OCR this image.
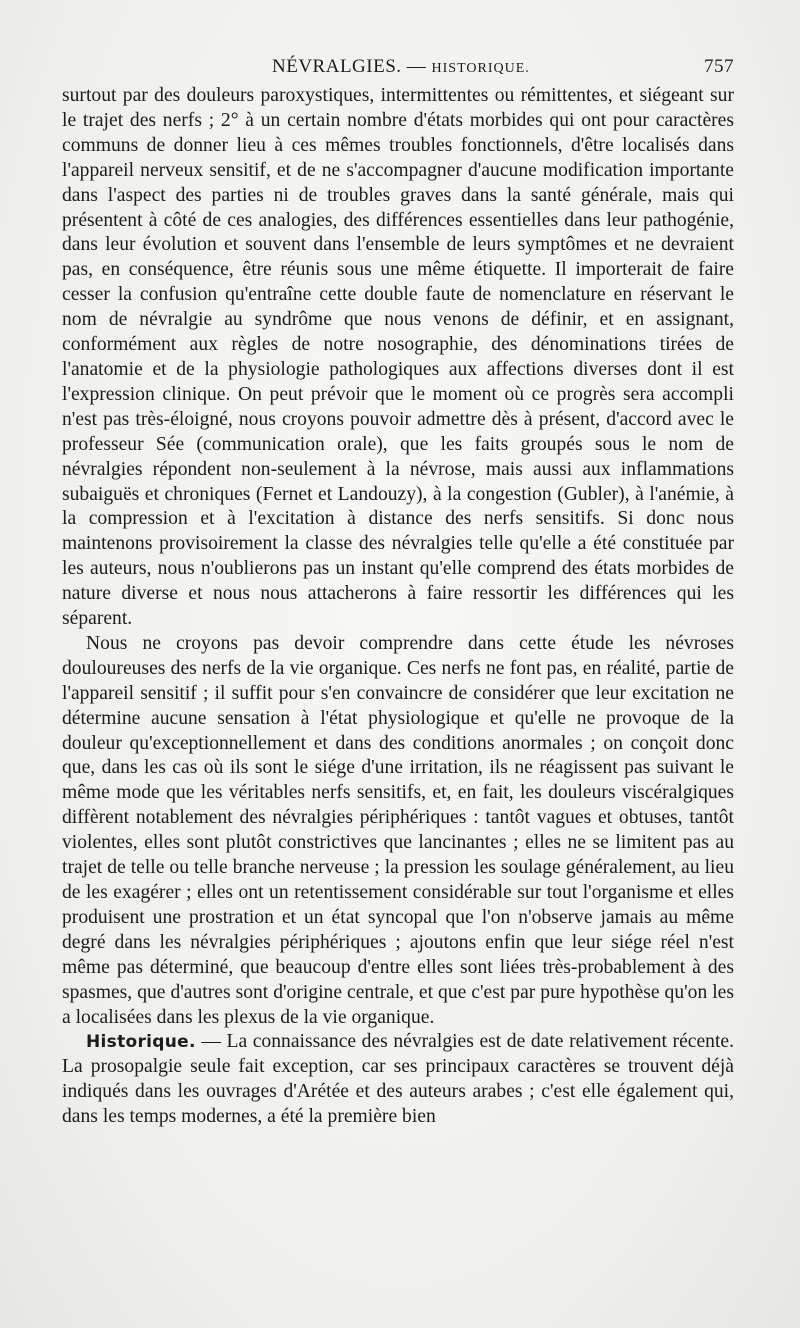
NÉVRALGIES. — HISTORIQUE.	757

surtout par des douleurs paroxystiques, intermittentes ou rémittentes, et siégeant sur le trajet des nerfs ; 2° à un certain nombre d'états morbides qui ont pour caractères communs de donner lieu à ces mêmes troubles fonctionnels, d'être localisés dans l'appareil nerveux sensitif, et de ne s'accompagner d'aucune modification importante dans l'aspect des parties ni de troubles graves dans la santé générale, mais qui présentent à côté de ces analogies, des différences essentielles dans leur pathogénie, dans leur évolution et souvent dans l'ensemble de leurs symptômes et ne devraient pas, en conséquence, être réunis sous une même étiquette. Il importerait de faire cesser la confusion qu'entraîne cette double faute de nomenclature en réservant le nom de névralgie au syndrôme que nous venons de définir, et en assignant, conformément aux règles de notre nosographie, des dénominations tirées de l'anatomie et de la physiologie pathologiques aux affections diverses dont il est l'expression clinique. On peut prévoir que le moment où ce progrès sera accompli n'est pas très-éloigné, nous croyons pouvoir admettre dès à présent, d'accord avec le professeur Sée (communication orale), que les faits groupés sous le nom de névralgies répondent non-seulement à la névrose, mais aussi aux inflammations subaiguës et chroniques (Fernet et Landouzy), à la congestion (Gubler), à l'anémie, à la compression et à l'excitation à distance des nerfs sensitifs. Si donc nous maintenons provisoirement la classe des névralgies telle qu'elle a été constituée par les auteurs, nous n'oublierons pas un instant qu'elle comprend des états morbides de nature diverse et nous nous attacherons à faire ressortir les différences qui les séparent.

Nous ne croyons pas devoir comprendre dans cette étude les névroses douloureuses des nerfs de la vie organique. Ces nerfs ne font pas, en réalité, partie de l'appareil sensitif ; il suffit pour s'en convaincre de considérer que leur excitation ne détermine aucune sensation à l'état physiologique et qu'elle ne provoque de la douleur qu'exceptionnellement et dans des conditions anormales ; on conçoit donc que, dans les cas où ils sont le siége d'une irritation, ils ne réagissent pas suivant le même mode que les véritables nerfs sensitifs, et, en fait, les douleurs viscéralgiques diffèrent notablement des névralgies périphériques : tantôt vagues et obtuses, tantôt violentes, elles sont plutôt constrictives que lancinantes ; elles ne se limitent pas au trajet de telle ou telle branche nerveuse ; la pression les soulage généralement, au lieu de les exagérer ; elles ont un retentissement considérable sur tout l'organisme et elles produisent une prostration et un état syncopal que l'on n'observe jamais au même degré dans les névralgies périphériques ; ajoutons enfin que leur siége réel n'est même pas déterminé, que beaucoup d'entre elles sont liées très-probablement à des spasmes, que d'autres sont d'origine centrale, et que c'est par pure hypothèse qu'on les a localisées dans les plexus de la vie organique.

Historique. — La connaissance des névralgies est de date relativement récente. La prosopalgie seule fait exception, car ses principaux caractères se trouvent déjà indiqués dans les ouvrages d'Arétée et des auteurs arabes ; c'est elle également qui, dans les temps modernes, a été la première bien
